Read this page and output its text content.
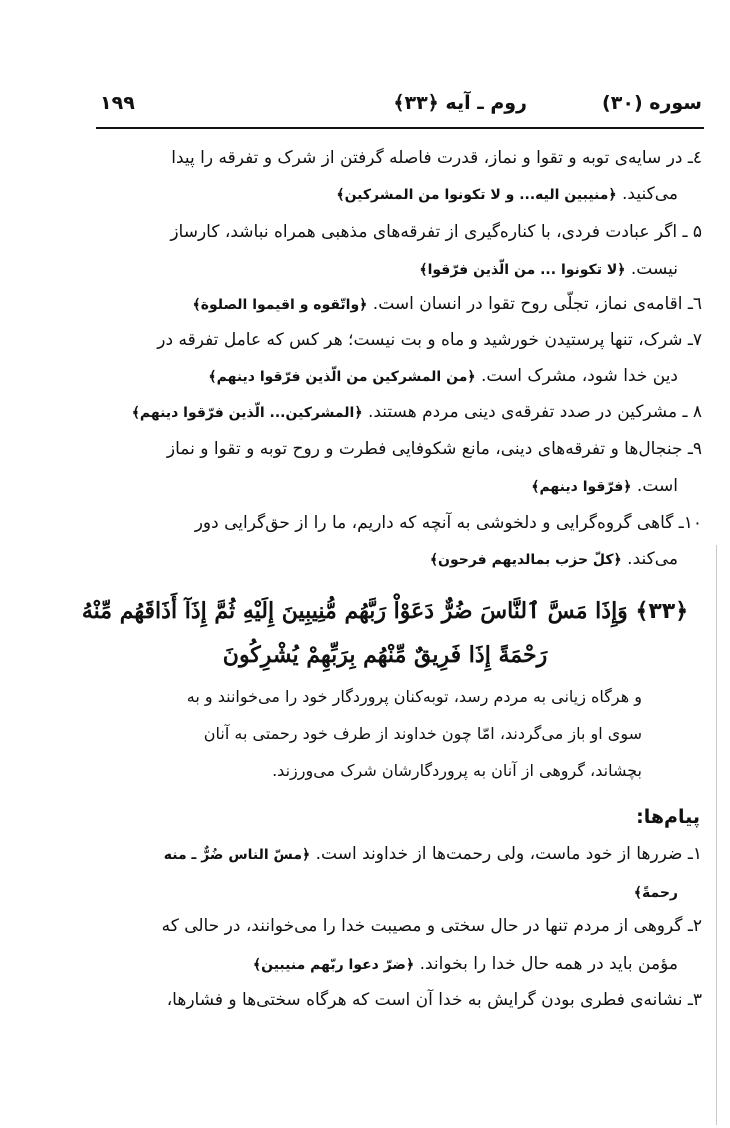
سوره (۳۰)
روم ـ آیه ﴿۳۳﴾
۱۹۹
٤ـ در سایه‌ی توبه و تقوا و نماز، قدرت فاصله گرفتن از شرک و تفرقه را پیدا
می‌کنید. ﴿منیبین الیه... و لا تکونوا من المشرکین﴾
۵ ـ اگر عبادت فردی، با کناره‌گیری از تفرقه‌های مذهبی همراه نباشد، کارساز
نیست. ﴿لا تکونوا ... من الّذین فرّقوا﴾
٦ـ اقامه‌ی نماز، تجلّی روح تقوا در انسان است. ﴿واتّقوه و اقیموا الصلوة﴾
۷ـ شرک، تنها پرستیدن خورشید و ماه و بت نیست؛ هر کس که عامل تفرقه در
دین خدا شود، مشرک است. ﴿من المشرکین من الّذین فرّقوا دینهم﴾
۸ ـ مشرکین در صدد تفرقه‌ی دینی مردم هستند. ﴿المشرکین... الّذین فرّقوا دینهم﴾
۹ـ جنجال‌ها و تفرقه‌های دینی، مانع شکوفایی فطرت و روح توبه و تقوا و نماز
است. ﴿فرّقوا دینهم﴾
۱۰ـ گاهی گروه‌گرایی و دلخوشی به آنچه که داریم، ما را از حق‌گرایی دور
می‌کند. ﴿کلّ حزب بمالدیهم فرحون﴾
﴿۳۳﴾ وَإِذَا مَسَّ ٱلنَّاسَ ضُرٌّ دَعَوْاْ رَبَّهُم مُّنِيبِينَ إِلَيْهِ ثُمَّ إِذَآ أَذَاقَهُم مِّنْهُ
رَحْمَةً إِذَا فَرِيقٌ مِّنْهُم بِرَبِّهِمْ يُشْرِكُونَ
و هرگاه زیانی به مردم رسد، توبه‌کنان پروردگار خود را می‌خوانند و به
سوی او باز می‌گردند، امّا چون خداوند از طرف خود رحمتی به آنان
بچشاند، گروهی از آنان به پروردگارشان شرک می‌ورزند.
پیام‌ها:
۱ـ ضررها از خود ماست، ولی رحمت‌ها از خداوند است. ﴿مسّ الناس ضُرٌّ ـ منه
رحمةً﴾
۲ـ گروهی از مردم تنها در حال سختی و مصیبت خدا را می‌خوانند، در حالی که
مؤمن باید در همه حال خدا را بخواند. ﴿ضرّ دعوا ربّهم منیبین﴾
۳ـ نشانه‌ی فطری بودن گرایش به خدا آن است که هرگاه سختی‌ها و فشارها،
